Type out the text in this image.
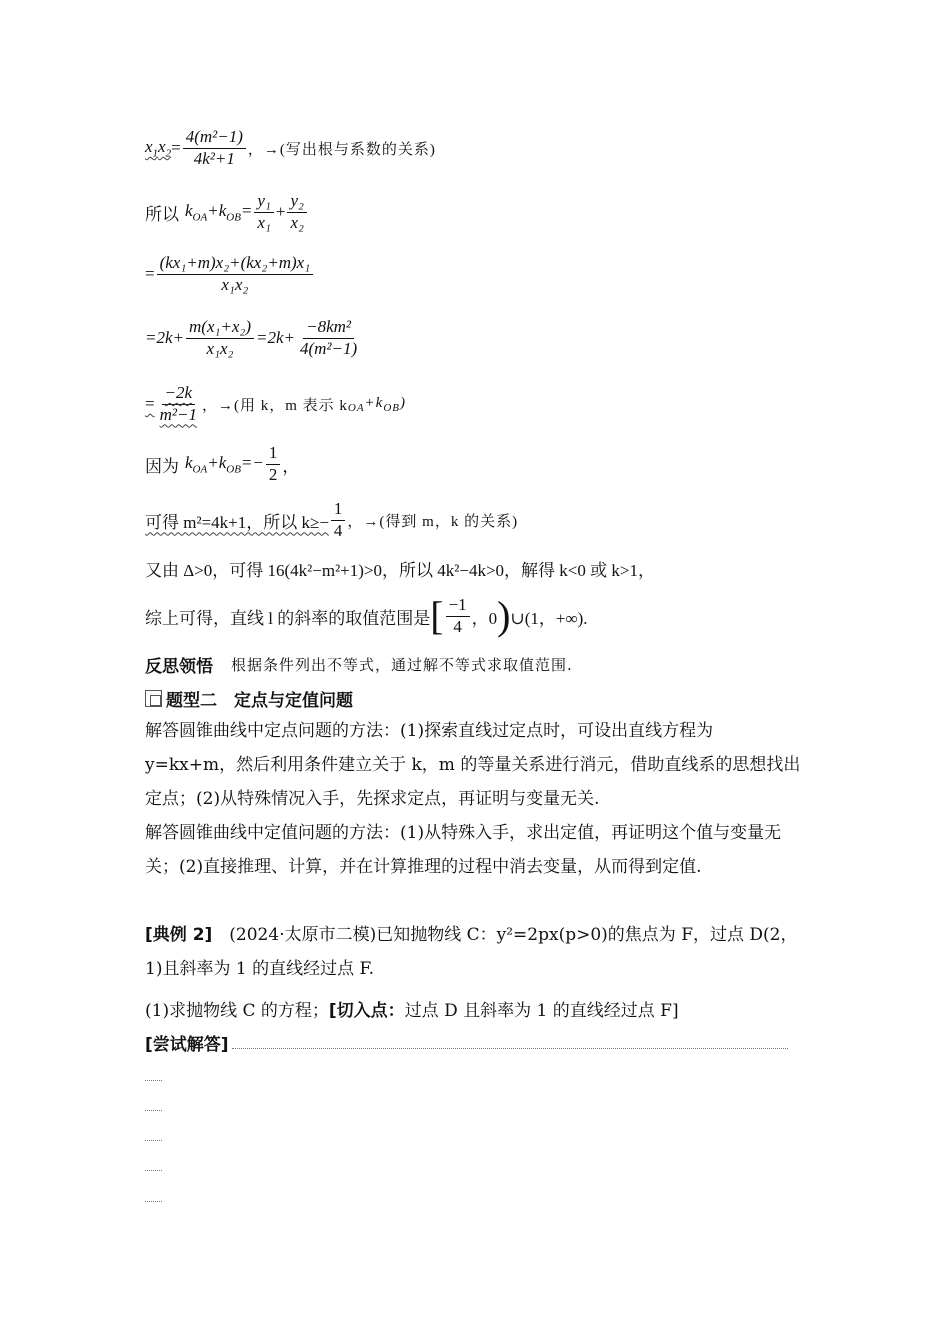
$x_1x_2 = \frac{\text{4(m²−1)}}{\text{4k²+1}}$ ，→(写出根与系数的关系)
所以 $k_{OA}+k_{OB}= \frac{\text{y₁}}{\text{x₁}} + \frac{\text{y₂}}{\text{x₂}}$
= $\frac{\text{(kx₁+m)x₂+(kx₂+m)x₁}}{\text{x₁x₂}}$
$=2k+ \frac{\text{m(x₁+x₂)}}{\text{x₁x₂}} =2k+ \frac{\text{−8km²}}{\text{4(m²−1)}}$
= $\frac{-2k}{\text{m²−1}}$ ，→(用 k，m 表示 k $_{OA}+k_{OB}$)
因为 $k_{OA}+k_{OB}=- \frac{1}{2}$ ，
可得 m²=4k+1，所以 $k\ge- \frac{1}{4}$ ，→(得到 m，k 的关系)
又由 Δ>0，可得 16(4k²−m²+1)>0，所以 4k²−4k>0，解得 k<0 或 k>1，
综上可得，直线 l 的斜率的取值范围是 [ $\frac{-1}{4}$ ，0 ) ∪(1，+∞).
反思领悟 根据条件列出不等式，通过解不等式求取值范围.
题型二　定点与定值问题
解答圆锥曲线中定点问题的方法：(1)探索直线过定点时，可设出直线方程为 y=kx+m，然后利用条件建立关于 k，m 的等量关系进行消元，借助直线系的思想找出定点；(2)从特殊情况入手，先探求定点，再证明与变量无关.
解答圆锥曲线中定值问题的方法：(1)从特殊入手，求出定值，再证明这个值与变量无关；(2)直接推理、计算，并在计算推理的过程中消去变量，从而得到定值.
[典例 2]　(2024·太原市二模)已知抛物线 C：y²=2px(p>0)的焦点为 F，过点 D(2，1)且斜率为 1 的直线经过点 F.
(1)求抛物线 C 的方程； [切入点： 过点 D 且斜率为 1 的直线经过点 F]
[尝试解答]
